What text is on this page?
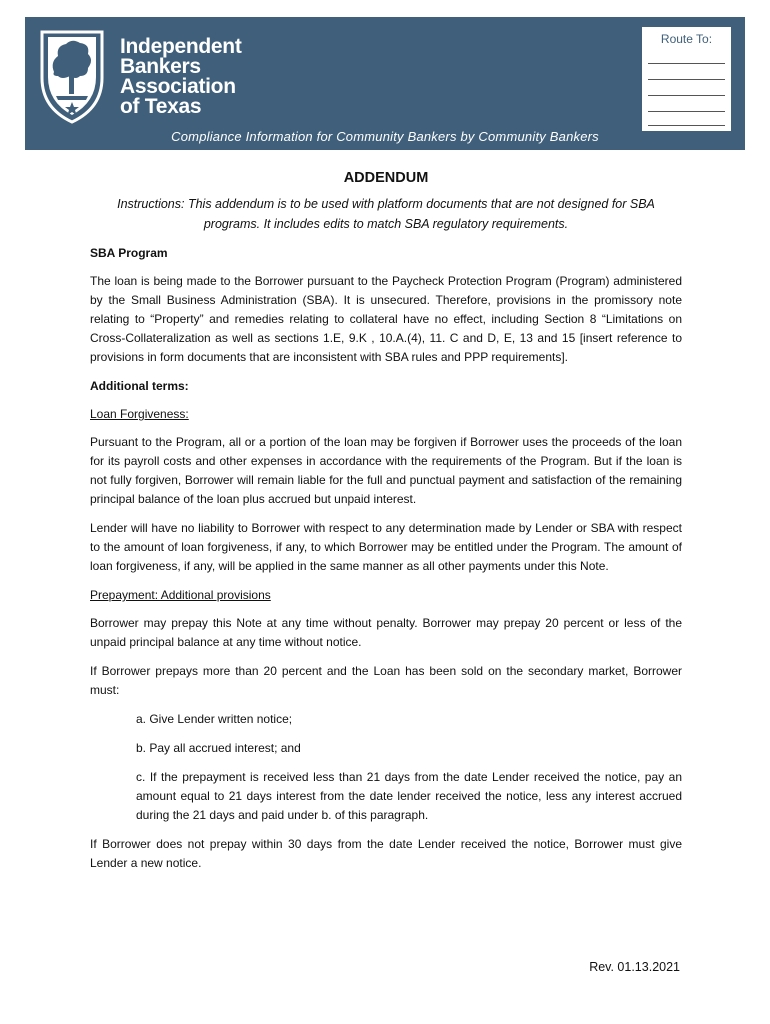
Independent
Bankers
Association
of Texas
Route To:
Compliance Information for Community Bankers by Community Bankers
ADDENDUM
Instructions: This addendum is to be used with platform documents that are not designed for SBA programs. It includes edits to match SBA regulatory requirements.
SBA Program

The loan is being made to the Borrower pursuant to the Paycheck Protection Program (Program) administered by the Small Business Administration (SBA). It is unsecured. Therefore, provisions in the promissory note relating to “Property” and remedies relating to collateral have no effect, including Section 8 “Limitations on Cross-Collateralization as well as sections 1.E, 9.K , 10.A.(4), 11. C and D, E, 13 and 15 [insert reference to provisions in form documents that are inconsistent with SBA rules and PPP requirements].

Additional terms:
Loan Forgiveness:

Pursuant to the Program, all or a portion of the loan may be forgiven if Borrower uses the proceeds of the loan for its payroll costs and other expenses in accordance with the requirements of the Program. But if the loan is not fully forgiven, Borrower will remain liable for the full and punctual payment and satisfaction of the remaining principal balance of the loan plus accrued but unpaid interest.

Lender will have no liability to Borrower with respect to any determination made by Lender or SBA with respect to the amount of loan forgiveness, if any, to which Borrower may be entitled under the Program. The amount of loan forgiveness, if any, will be applied in the same manner as all other payments under this Note.

Prepayment: Additional provisions

Borrower may prepay this Note at any time without penalty. Borrower may prepay 20 percent or less of the unpaid principal balance at any time without notice.

If Borrower prepays more than 20 percent and the Loan has been sold on the secondary market, Borrower must:

a. Give Lender written notice;
b. Pay all accrued interest; and
c. If the prepayment is received less than 21 days from the date Lender received the notice, pay an amount equal to 21 days interest from the date lender received the notice, less any interest accrued during the 21 days and paid under b. of this paragraph.

If Borrower does not prepay within 30 days from the date Lender received the notice, Borrower must give Lender a new notice.

Rev. 01.13.2021
